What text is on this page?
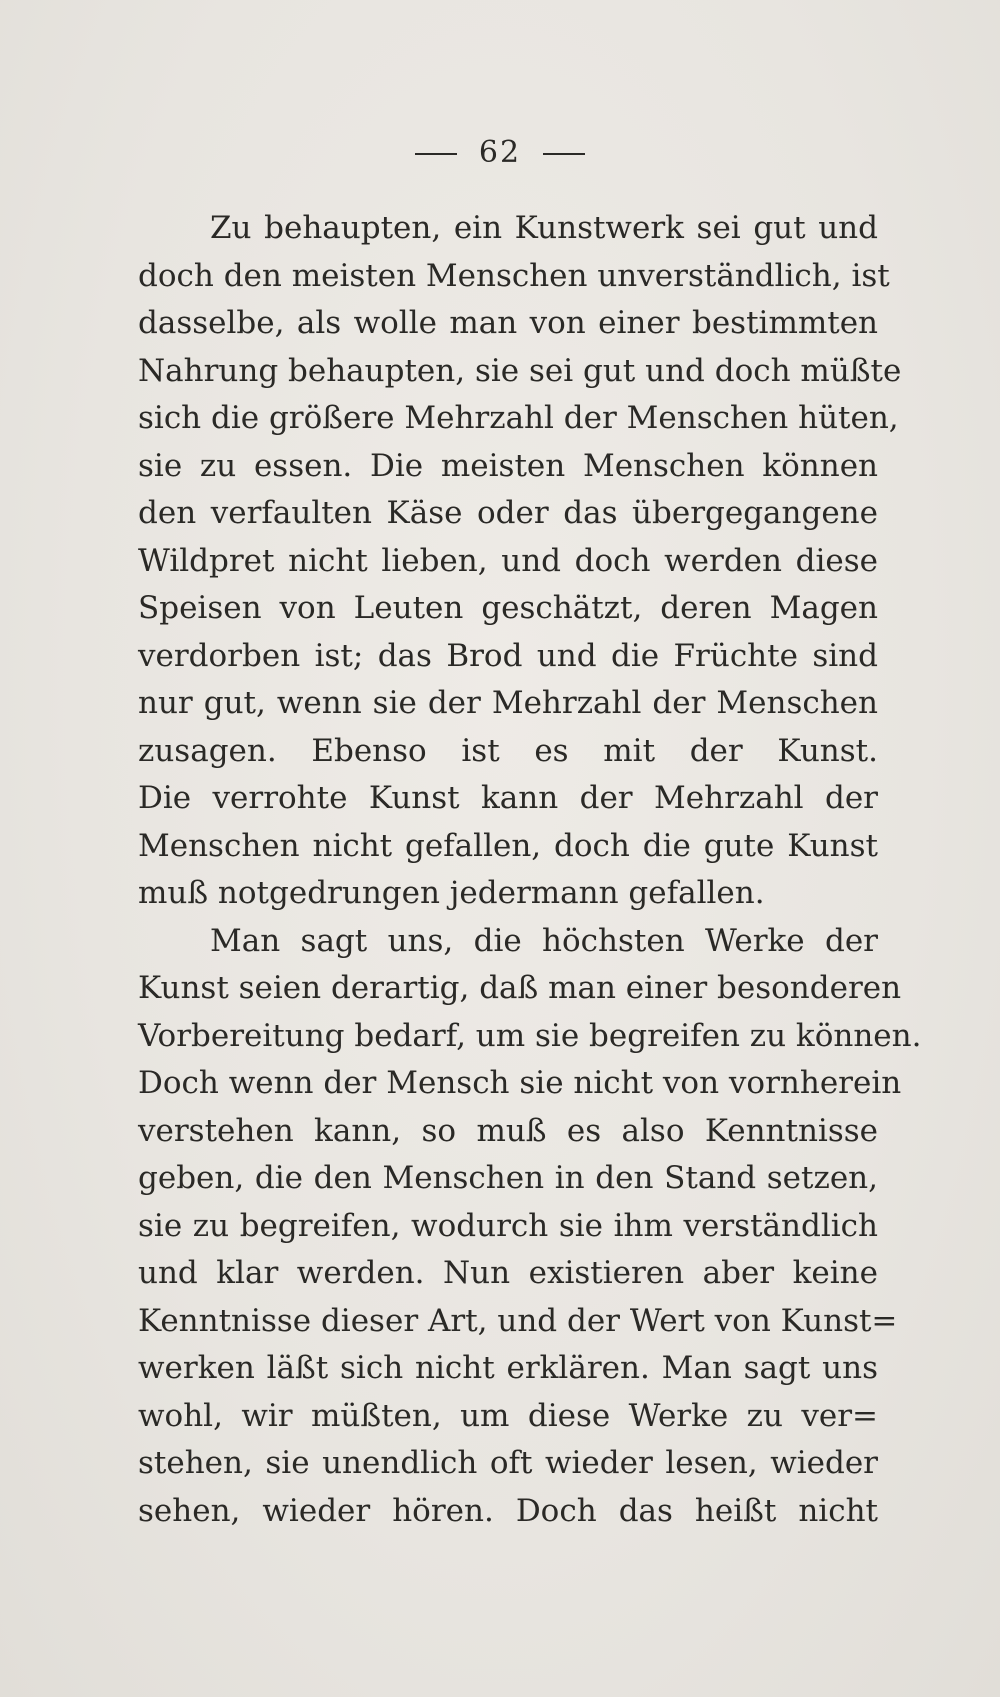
62
Zu behaupten, ein Kunstwerk sei gut und
doch den meisten Menschen unverständlich, ist
dasselbe, als wolle man von einer bestimmten
Nahrung behaupten, sie sei gut und doch müßte
sich die größere Mehrzahl der Menschen hüten,
sie zu essen. Die meisten Menschen können
den verfaulten Käse oder das übergegangene
Wildpret nicht lieben, und doch werden diese
Speisen von Leuten geschätzt, deren Magen
verdorben ist; das Brod und die Früchte sind
nur gut, wenn sie der Mehrzahl der Menschen
zusagen. Ebenso ist es mit der Kunst.
Die verrohte Kunst kann der Mehrzahl der
Menschen nicht gefallen, doch die gute Kunst
muß notgedrungen jedermann gefallen.
Man sagt uns, die höchsten Werke der
Kunst seien derartig, daß man einer besonderen
Vorbereitung bedarf, um sie begreifen zu können.
Doch wenn der Mensch sie nicht von vornherein
verstehen kann, so muß es also Kenntnisse
geben, die den Menschen in den Stand setzen,
sie zu begreifen, wodurch sie ihm verständlich
und klar werden. Nun existieren aber keine
Kenntnisse dieser Art, und der Wert von Kunst=
werken läßt sich nicht erklären. Man sagt uns
wohl, wir müßten, um diese Werke zu ver=
stehen, sie unendlich oft wieder lesen, wieder
sehen, wieder hören. Doch das heißt nicht
